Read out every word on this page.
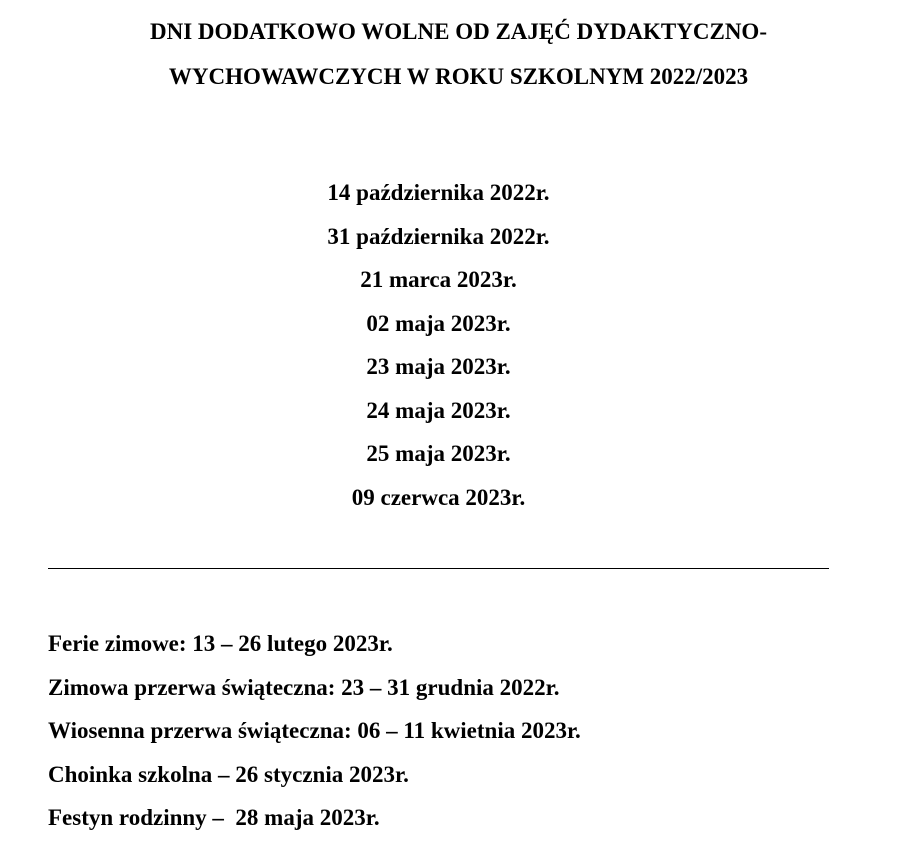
DNI DODATKOWO WOLNE OD ZAJĘĆ DYDAKTYCZNO-
WYCHOWAWCZYCH W ROKU SZKOLNYM 2022/2023
14 października 2022r.
31 października 2022r.
21 marca 2023r.
02 maja 2023r.
23 maja 2023r.
24 maja 2023r.
25 maja 2023r.
09 czerwca 2023r.
Ferie zimowe: 13 – 26 lutego 2023r.
Zimowa przerwa świąteczna: 23 – 31 grudnia 2022r.
Wiosenna przerwa świąteczna: 06 – 11 kwietnia 2023r.
Choinka szkolna – 26 stycznia 2023r.
Festyn rodzinny –  28 maja 2023r.
